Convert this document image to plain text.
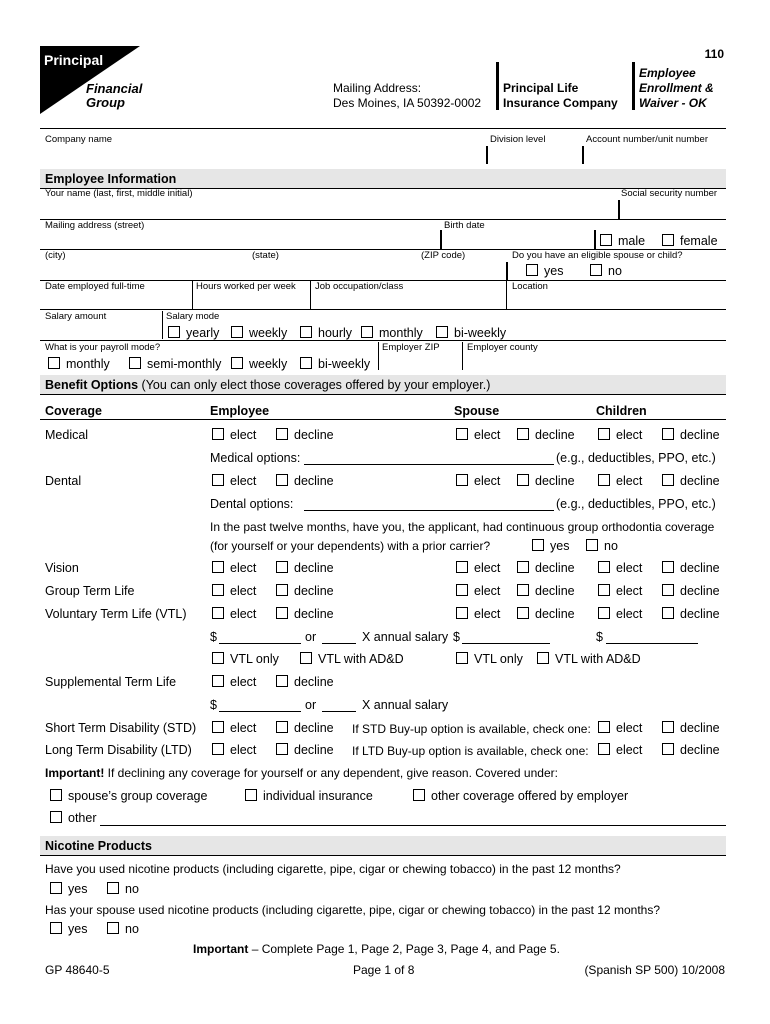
Principal
Financial
Group
110
Mailing Address:
Des Moines, IA 50392-0002
Principal Life
Insurance Company
Employee
Enrollment &
Waiver - OK
Company name	Division level	Account number/unit number
Employee Information
Your name (last, first, middle initial)	Social security number
Mailing address (street)	Birth date
male	female
(city)	(state)	(ZIP code)	Do you have an eligible spouse or child?
yes	no
Date employed full-time	Hours worked per week Job occupation/class	Location
Salary amount	Salary mode
yearly	weekly	hourly	monthly	bi-weekly
What is your payroll mode?	Employer ZIP	Employer county
monthly	semi-monthly	weekly	bi-weekly
Benefit Options (You can only elect those coverages offered by your employer.)
Coverage	Employee	Spouse	Children
Medical	elect	decline	elect	decline	elect	decline
Medical options:	(e.g., deductibles, PPO, etc.)
Dental	elect	decline	elect	decline	elect	decline
Dental options:	(e.g., deductibles, PPO, etc.)
In the past twelve months, have you, the applicant, had continuous group orthodontia coverage
(for yourself or your dependents) with a prior carrier?	yes	no
Vision	elect	decline	elect	decline	elect	decline
Group Term Life	elect	decline	elect	decline	elect	decline
Voluntary Term Life (VTL)	elect	decline	elect	decline	elect	decline
$	or	X annual salary $	$
VTL only	VTL with AD&D	VTL only	VTL with AD&D
Supplemental Term Life	elect	decline
$	or	X annual salary
Short Term Disability (STD)	elect	decline If STD Buy-up option is available, check one:	elect	decline
Long Term Disability (LTD)	elect	decline If LTD Buy-up option is available, check one:	elect	decline
Important! If declining any coverage for yourself or any dependent, give reason. Covered under:
spouse’s group coverage	individual insurance	other coverage offered by employer
other
Nicotine Products
Have you used nicotine products (including cigarette, pipe, cigar or chewing tobacco) in the past 12 months?
yes	no
Has your spouse used nicotine products (including cigarette, pipe, cigar or chewing tobacco) in the past 12 months?
yes	no
Important – Complete Page 1, Page 2, Page 3, Page 4, and Page 5.
GP 48640-5	Page 1 of 8	(Spanish SP 500) 10/2008
